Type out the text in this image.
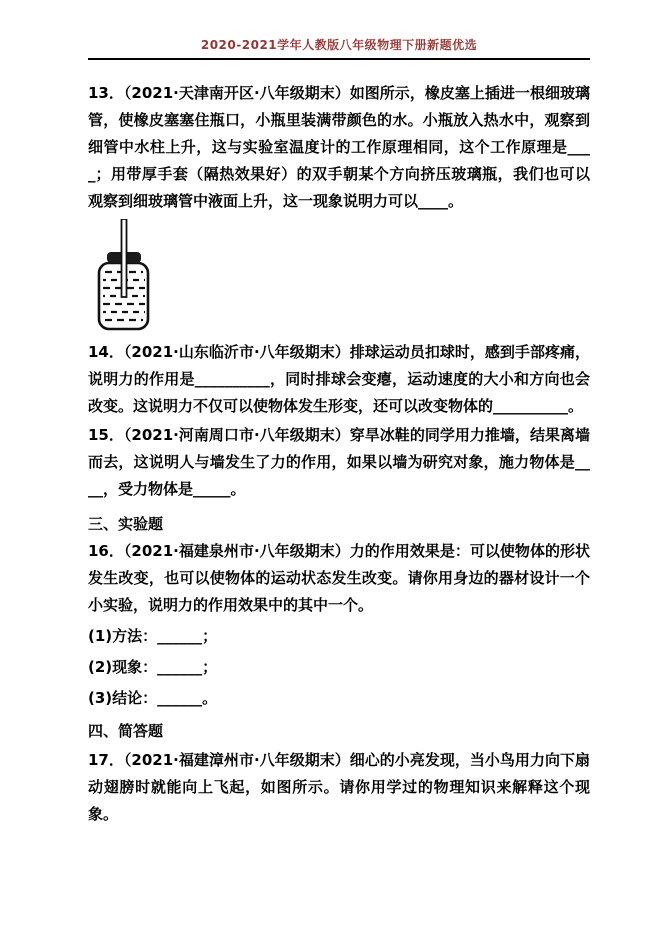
2020-2021学年人教版八年级物理下册新题优选

13．（2021·天津南开区·八年级期末）如图所示，橡皮塞上插进一根细玻璃管，使橡皮塞塞住瓶口，小瓶里装满带颜色的水。小瓶放入热水中，观察到细管中水柱上升，这与实验室温度计的工作原理相同，这个工作原理是____；用带厚手套（隔热效果好）的双手朝某个方向挤压玻璃瓶，我们也可以观察到细玻璃管中液面上升，这一现象说明力可以____。

14．（2021·山东临沂市·八年级期末）排球运动员扣球时，感到手部疼痛，说明力的作用是__________，同时排球会变瘪，运动速度的大小和方向也会改变。这说明力不仅可以使物体发生形变，还可以改变物体的__________。

15．（2021·河南周口市·八年级期末）穿旱冰鞋的同学用力推墙，结果离墙而去，这说明人与墙发生了力的作用，如果以墙为研究对象，施力物体是____，受力物体是_____。

三、实验题

16．（2021·福建泉州市·八年级期末）力的作用效果是：可以使物体的形状发生改变，也可以使物体的运动状态发生改变。请你用身边的器材设计一个小实验，说明力的作用效果中的其中一个。

(1)方法：______；

(2)现象：______；

(3)结论：______。

四、简答题

17．（2021·福建漳州市·八年级期末）细心的小亮发现，当小鸟用力向下扇动翅膀时就能向上飞起，如图所示。请你用学过的物理知识来解释这个现象。
